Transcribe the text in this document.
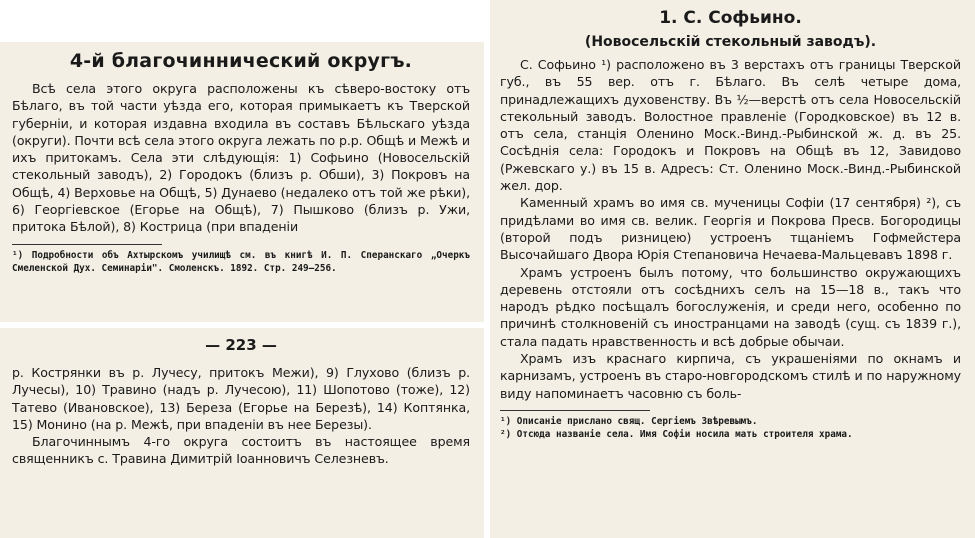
4-й благочиннический округъ.

Всѣ села этого округа расположены къ сѣверо-востоку отъ Бѣлаго, въ той части уѣзда его, которая примыкаетъ къ Тверской губерніи, и которая издавна входила въ составъ Бѣльскаго уѣзда (округи). Почти всѣ села этого округа лежать по р.р. Общѣ и Межѣ и ихъ притокамъ. Села эти слѣдующія: 1) Софьино (Новосельскій стекольный заводъ), 2) Городокъ (близъ р. Обши), 3) Покровъ на Общѣ, 4) Верховье на Общѣ, 5) Дунаево (недалеко отъ той же рѣки), 6) Георгіевское (Егорье на Общѣ), 7) Пышково (близъ р. Ужи, притока Бѣлой), 8) Кострица (при впаденіи

¹) Подробности объ Ахтырскомъ училищѣ см. въ книгѣ И. П. Сперанскаго „Очеркъ Смеленской Дух. Семинаріи". Смоленскъ. 1892. Стр. 249—256.

— 223 —

р. Кострянки въ р. Лучесу, притокъ Межи), 9) Глухово (близъ р. Лучесы), 10) Травино (надъ р. Лучесою), 11) Шопотово (тоже), 12) Татево (Ивановское), 13) Береза (Егорье на Березѣ), 14) Коптянка, 15) Монино (на р. Межѣ, при впаденіи въ нее Березы).

Благочиннымъ 4-го округа состоитъ въ настоящее время священникъ с. Травина Димитрій Іоанновичъ Селезневъ.

1. С. Софьино.
(Новосельскій стекольный заводъ).

С. Софьино ¹) расположено въ 3 верстахъ отъ границы Тверской губ., въ 55 вер. отъ г. Бѣлаго. Въ селѣ четыре дома, принадлежащихъ духовенству. Въ ½—верстѣ отъ села Новосельскій стекольный заводъ. Волостное правленіе (Городковское) въ 12 в. отъ села, станція Оленино Моск.-Винд.-Рыбинской ж. д. въ 25. Сосѣднія села: Городокъ и Покровъ на Общѣ въ 12, Завидово (Ржевскаго у.) въ 15 в. Адресъ: Ст. Оленино Моск.-Винд.-Рыбинской жел. дор.

Каменный храмъ во имя св. мученицы Софіи (17 сентября) ²), съ придѣлами во имя св. велик. Георгія и Покрова Пресв. Богородицы (второй подъ ризницею) устроенъ тщаніемъ Гофмейстера Высочайшаго Двора Юрія Степановича Нечаева-Мальцевавъ 1898 г.

Храмъ устроенъ былъ потому, что большинство окружающихъ деревень отстояли отъ сосѣднихъ селъ на 15—18 в., такъ что народъ рѣдко посѣщалъ богослуженія, и среди него, особенно по причинѣ столкновеній съ иностранцами на заводѣ (сущ. съ 1839 г.), стала падать нравственность и всѣ добрые обычаи.

Храмъ изъ краснаго кирпича, съ украшеніями по окнамъ и карнизамъ, устроенъ въ старо-новгородскомъ стилѣ и по наружному виду напоминаетъ часовню съ боль-

¹) Описаніе прислано свящ. Сергіемъ Звѣревымъ.

²) Отсюда названіе села. Имя Софіи носила мать строителя храма.
